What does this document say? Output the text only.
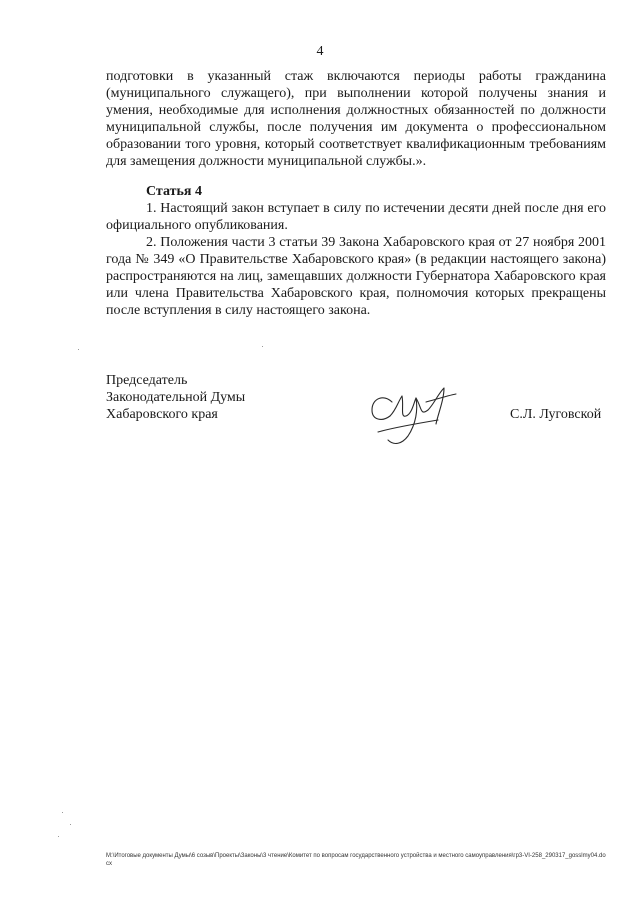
4

подготовки в указанный стаж включаются периоды работы гражданина (муниципального служащего), при выполнении которой получены знания и умения, необходимые для исполнения должностных обязанностей по должности муниципальной службы, после получения им документа о профессиональном образовании того уровня, который соответствует квалификационным требованиям для замещения должности муниципальной службы.».

Статья 4

1. Настоящий закон вступает в силу по истечении десяти дней после дня его официального опубликования.

2. Положения части 3 статьи 39 Закона Хабаровского края от 27 ноября 2001 года № 349 «О Правительстве Хабаровского края» (в редакции настоящего закона) распространяются на лиц, замещавших должности Губернатора Хабаровского края или члена Правительства Хабаровского края, полномочия которых прекращены после вступления в силу настоящего закона.

Председатель
Законодательной Думы
Хабаровского края	С.Л. Луговской
M:\Итоговые документы Думы\6 созыв\Проекты\Законы\3 чтение\Комитет по вопросам государственного устройства и местного самоуправления\гр3-VI-258_290317_gosslmy04.docx
